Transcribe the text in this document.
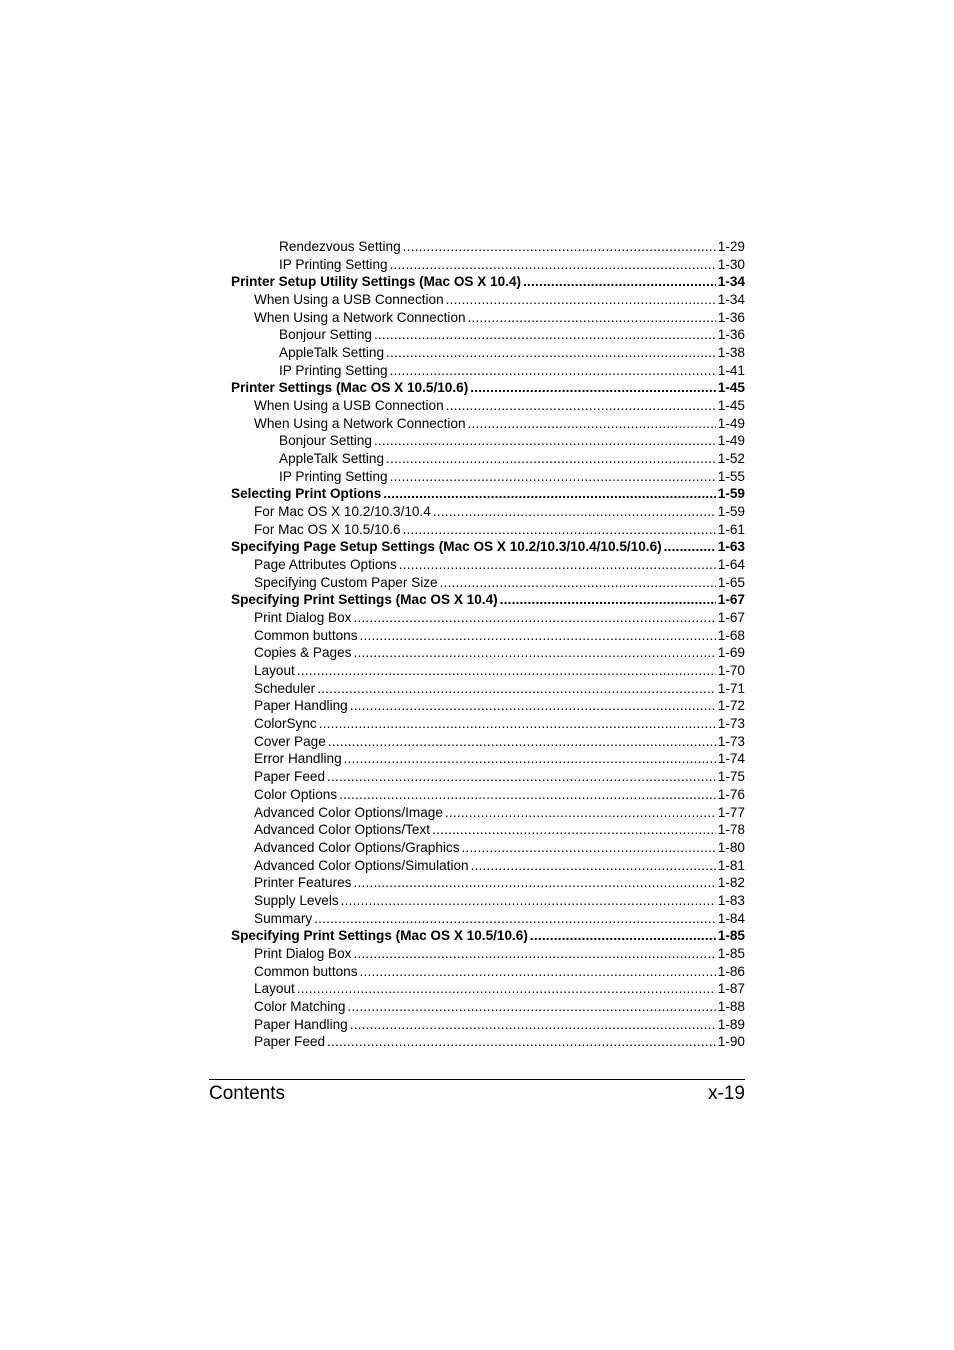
Rendezvous Setting .....	1-29
IP Printing Setting .....	1-30
Printer Setup Utility Settings (Mac OS X 10.4) .....	1-34
When Using a USB Connection .....	1-34
When Using a Network Connection .....	1-36
Bonjour Setting .....	1-36
AppleTalk Setting .....	1-38
IP Printing Setting .....	1-41
Printer Settings (Mac OS X 10.5/10.6) .....	1-45
When Using a USB Connection .....	1-45
When Using a Network Connection .....	1-49
Bonjour Setting .....	1-49
AppleTalk Setting .....	1-52
IP Printing Setting .....	1-55
Selecting Print Options .....	1-59
For Mac OS X 10.2/10.3/10.4 .....	1-59
For Mac OS X 10.5/10.6 .....	1-61
Specifying Page Setup Settings (Mac OS X 10.2/10.3/10.4/10.5/10.6) .....	1-63
Page Attributes Options .....	1-64
Specifying Custom Paper Size .....	1-65
Specifying Print Settings (Mac OS X 10.4) .....	1-67
Print Dialog Box .....	1-67
Common buttons .....	1-68
Copies & Pages .....	1-69
Layout .....	1-70
Scheduler .....	1-71
Paper Handling .....	1-72
ColorSync .....	1-73
Cover Page .....	1-73
Error Handling .....	1-74
Paper Feed .....	1-75
Color Options .....	1-76
Advanced Color Options/Image .....	1-77
Advanced Color Options/Text .....	1-78
Advanced Color Options/Graphics .....	1-80
Advanced Color Options/Simulation .....	1-81
Printer Features .....	1-82
Supply Levels .....	1-83
Summary .....	1-84
Specifying Print Settings (Mac OS X 10.5/10.6) .....	1-85
Print Dialog Box .....	1-85
Common buttons .....	1-86
Layout .....	1-87
Color Matching .....	1-88
Paper Handling .....	1-89
Paper Feed .....	1-90
Contents	x-19
